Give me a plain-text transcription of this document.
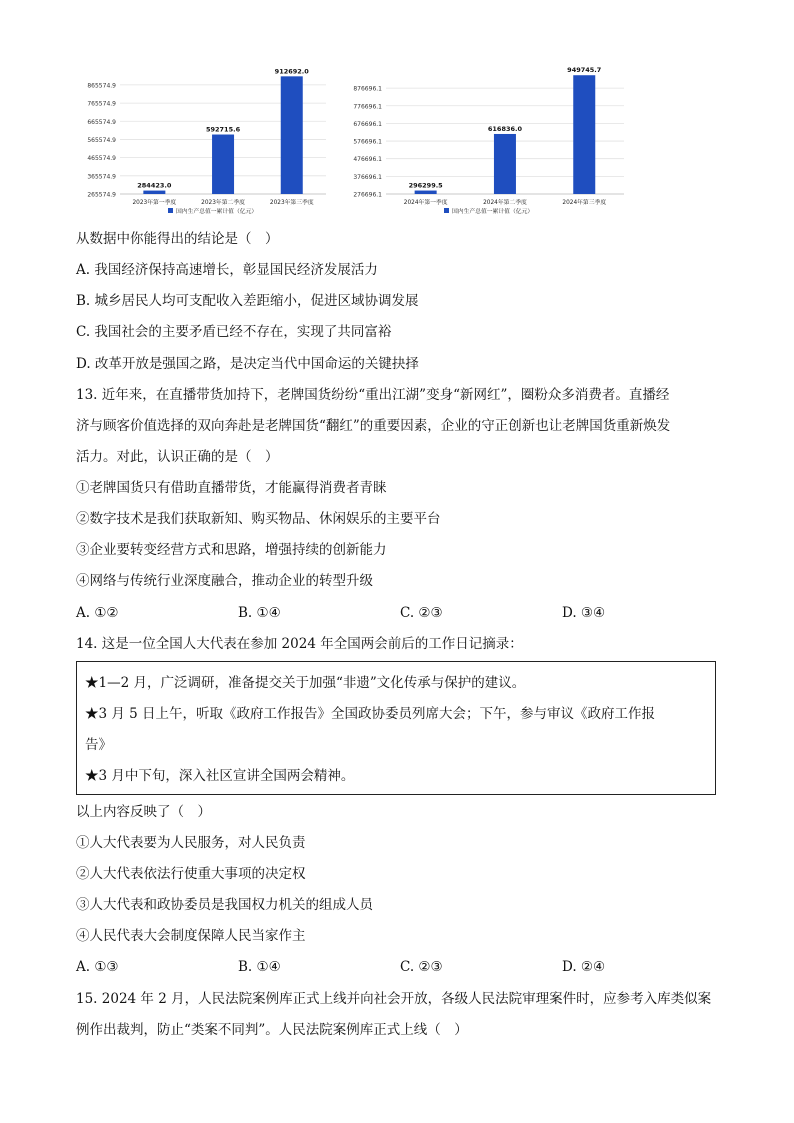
265574.9
365574.9
465574.9
565574.9
665574.9
765574.9
865574.9
284423.0
2023年第一季度
592715.6
2023年第二季度
912692.0
2023年第三季度
国内生产总值一累计值（亿元）
276696.1
376696.1
476696.1
576696.1
676696.1
776696.1
876696.1
296299.5
2024年第一季度
616836.0
2024年第二季度
949745.7
2024年第三季度
国内生产总值一累计值（亿元）
从数据中你能得出的结论是（　）
A. 我国经济保持高速增长，彰显国民经济发展活力
B. 城乡居民人均可支配收入差距缩小，促进区域协调发展
C. 我国社会的主要矛盾已经不存在，实现了共同富裕
D. 改革开放是强国之路，是决定当代中国命运的关键抉择
13. 近年来，在直播带货加持下，老牌国货纷纷“重出江湖”变身“新网红”，圈粉众多消费者。直播经
济与顾客价值选择的双向奔赴是老牌国货“翻红”的重要因素，企业的守正创新也让老牌国货重新焕发
活力。对此，认识正确的是（　）
①老牌国货只有借助直播带货，才能赢得消费者青睐
②数字技术是我们获取新知、购买物品、休闲娱乐的主要平台
③企业要转变经营方式和思路，增强持续的创新能力
④网络与传统行业深度融合，推动企业的转型升级
A. ①②	B. ①④	C. ②③	D. ③④
14. 这是一位全国人大代表在参加 2024 年全国两会前后的工作日记摘录：
★1—2 月，广泛调研，准备提交关于加强“非遗”文化传承与保护的建议。
★3 月 5 日上午，听取《政府工作报告》全国政协委员列席大会；下午，参与审议《政府工作报
告》
★3 月中下旬，深入社区宣讲全国两会精神。
以上内容反映了（　）
①人大代表要为人民服务，对人民负责
②人大代表依法行使重大事项的决定权
③人大代表和政协委员是我国权力机关的组成人员
④人民代表大会制度保障人民当家作主
A. ①③	B. ①④	C. ②③	D. ②④
15. 2024 年 2 月，人民法院案例库正式上线并向社会开放，各级人民法院审理案件时，应参考入库类似案
例作出裁判，防止“类案不同判”。人民法院案例库正式上线（　）
